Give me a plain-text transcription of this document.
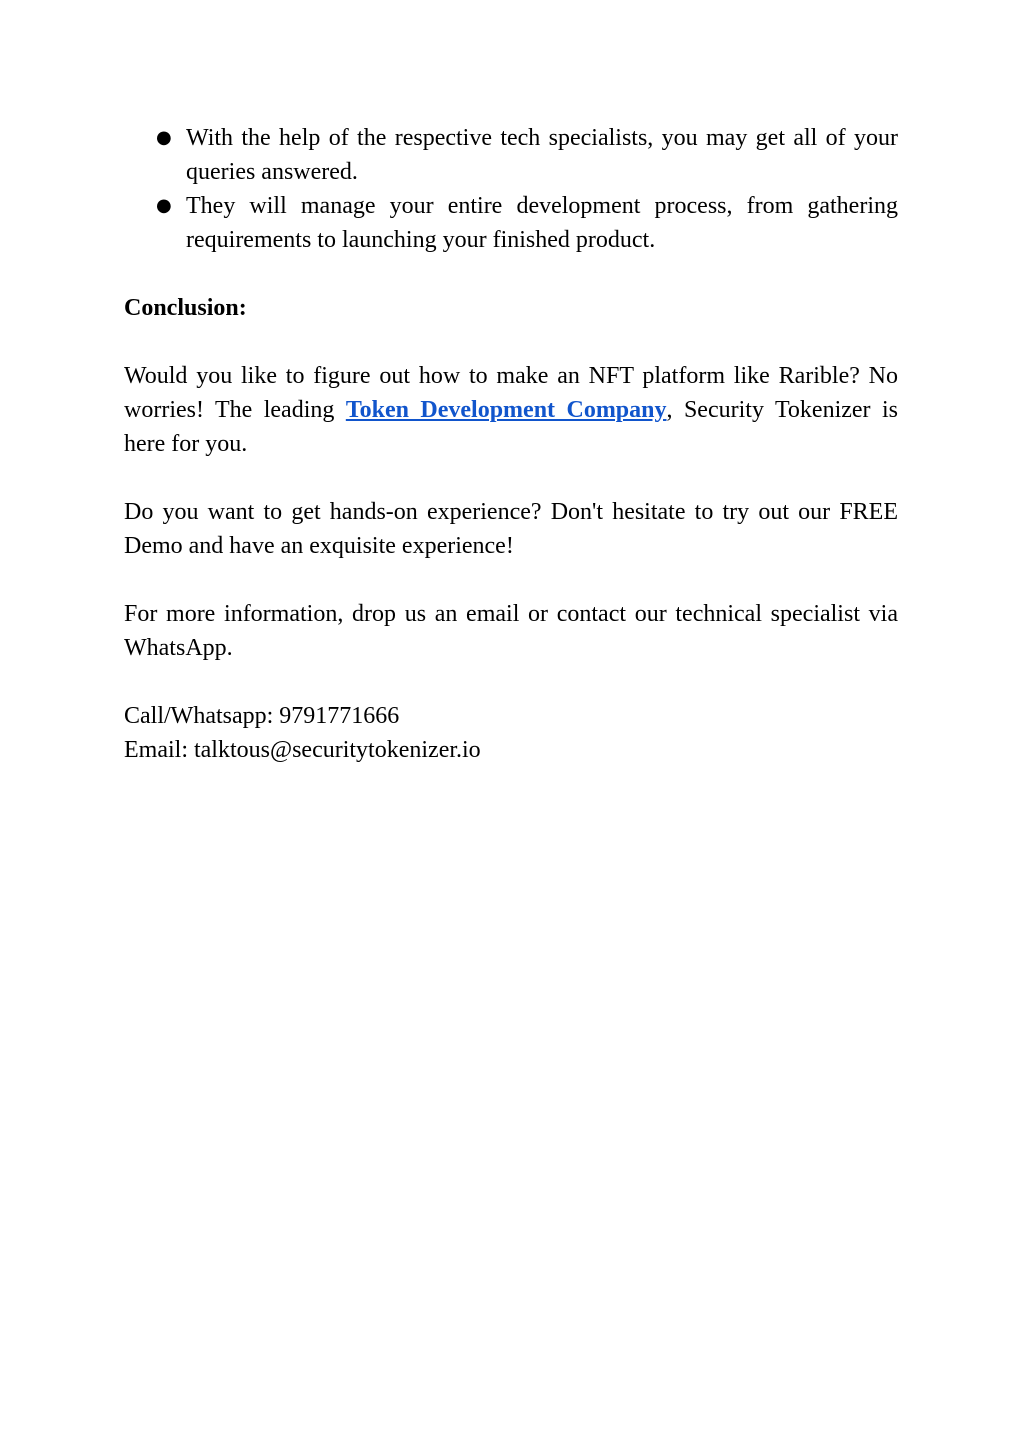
● With the help of the respective tech specialists, you may get all of your queries answered.
● They will manage your entire development process, from gathering requirements to launching your finished product.

Conclusion:

Would you like to figure out how to make an NFT platform like Rarible? No worries! The leading Token Development Company, Security Tokenizer is here for you.

Do you want to get hands-on experience? Don't hesitate to try out our FREE Demo and have an exquisite experience!

For more information, drop us an email or contact our technical specialist via WhatsApp.

Call/Whatsapp: 9791771666

Email: talktous@securitytokenizer.io
